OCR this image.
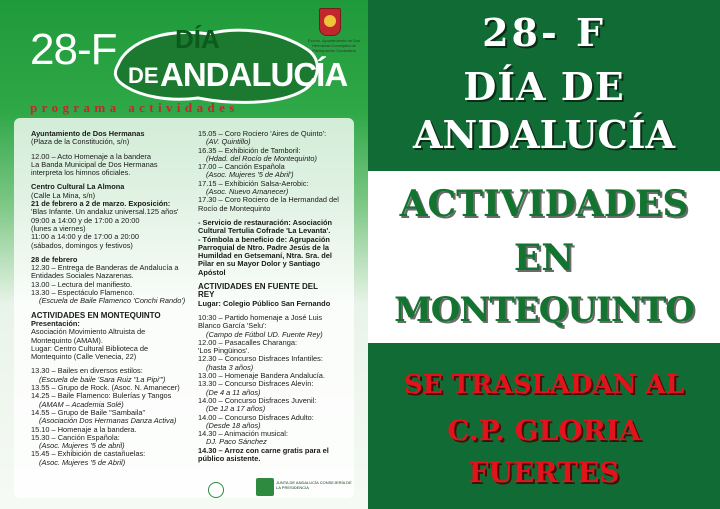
28-F DÍA
DE ANDALUCÍA
programa actividades
Excmo. Ayuntamiento de Dos Hermanas Concejalía de Participación Ciudadana
Ayuntamiento de Dos Hermanas
(Plaza de la Constitución, s/n)
12.00 – Acto Homenaje a la bandera
La Banda Municipal de Dos Hermanas
interpreta los himnos oficiales.
Centro Cultural La Almona
(Calle La Mina, s/n)
21 de febrero a 2 de marzo. Exposición:
'Blas Infante. Un andaluz universal.125 años'
09:00 a 14:00 y de 17:00 a 20:00
(lunes a viernes)
11:00 a 14:00 y de 17:00 a 20:00
(sábados, domingos y festivos)
28 de febrero
12.30 – Entrega de Banderas de Andalucía a
Entidades Sociales Nazarenas.
13.00 – Lectura del manifiesto.
13.30 – Espectáculo Flamenco.
(Escuela de Baile Flamenco 'Conchi Rando')
ACTIVIDADES EN MONTEQUINTO
Presentación:
Asociación Movimiento Altruista de
Montequinto (AMAM).
Lugar: Centro Cultural Biblioteca de
Montequinto (Calle Venecia, 22)
13.30 – Bailes en diversos estilos:
(Escuela de baile 'Sara Ruiz "La Pipi"')
13.55 – Grupo de Rock. (Asoc. N. Amanecer)
14.25 – Baile Flamenco: Bulerías y Tangos
(AMAM – Academia Solé)
14.55 – Grupo de Baile "Sambaila"
(Asociación Dos Hermanas Danza Activa)
15.10 – Homenaje a la bandera.
15.30 – Canción Española:
(Asoc. Mujeres '5 de abril)
15.45 – Exhibición de castañuelas:
(Asoc. Mujeres '5 de Abril)
15.05 – Coro Rociero 'Aires de Quinto':
(AV. Quintillo)
16.35 – Exhibición de Tamboril:
(Hdad. del Rocío de Montequinto)
17.00 – Canción Española
(Asoc. Mujeres '5 de Abril')
17.15 – Exhibición Salsa-Aerobic:
(Asoc. Nuevo Amanecer)
17.30 – Coro Rociero de la Hermandad del
Rocío de Montequinto
- Servicio de restauración: Asociación
Cultural Tertulia Cofrade 'La Levanta'.
- Tómbola a beneficio de: Agrupación
Parroquial de Ntro. Padre Jesús de la
Humildad en Getsemaní, Ntra. Sra. del
Pilar en su Mayor Dolor y Santiago
Apóstol
ACTIVIDADES EN FUENTE DEL
REY
Lugar: Colegio Público San Fernando
10:30 – Partido homenaje a José Luis
Blanco García 'Selu':
(Campo de Fútbol UD. Fuente Rey)
12.00 – Pasacalles Charanga:
'Los Pingüinos'.
12.30 – Concurso Disfraces Infantiles:
(hasta 3 años)
13.00 – Homenaje Bandera Andalucía.
13.30 – Concurso Disfraces Alevín:
(De 4 a 11 años)
14.00 – Concurso Disfraces Juvenil:
(De 12 a 17 años)
14.00 – Concurso Disfraces Adulto:
(Desde 18 años)
14.30 – Animación musical:
DJ. Paco Sánchez
14.30 – Arroz con carne gratis para el
público asistente.
JUNTA DE ANDALUCÍA CONSEJERÍA DE LA PRESIDENCIA
28- F
DÍA DE
ANDALUCÍA
ACTIVIDADES
EN
MONTEQUINTO
SE TRASLADAN AL
C.P. GLORIA
FUERTES
